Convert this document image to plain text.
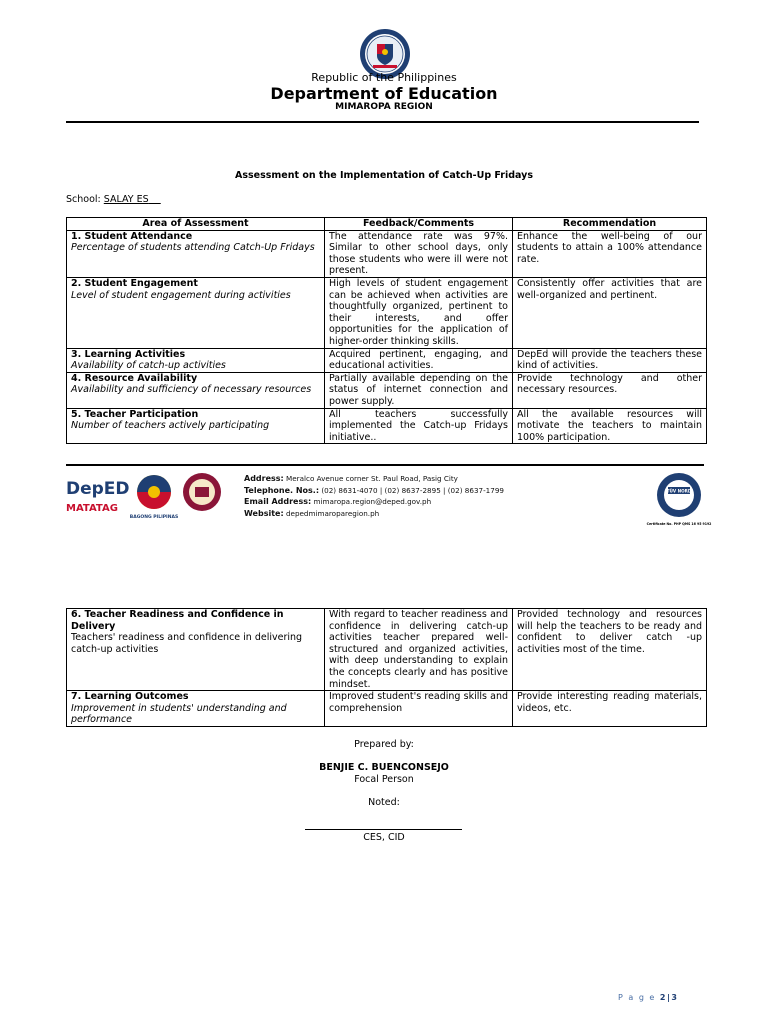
Republic of the Philippines
Department of Education
MIMAROPA REGION
Assessment on the Implementation of Catch-Up Fridays
School: SALAY ES
Area of Assessment	Feedback/Comments	Recommendation

1. Student Attendance
Percentage of students attending Catch-Up Fridays	The attendance rate was 97%. Similar to other school days, only those students who were ill were not present.	Enhance the well-being of our students to attain a 100% attendance rate.

2. Student Engagement
Level of student engagement during activities	High levels of student engagement can be achieved when activities are thoughtfully organized, pertinent to their interests, and offer opportunities for the application of higher-order thinking skills.	Consistently offer activities that are well-organized and pertinent.

3. Learning Activities
Availability of catch-up activities	Acquired pertinent, engaging, and educational activities.	DepEd will provide the teachers these kind of activities.

4. Resource Availability
Availability and sufficiency of necessary resources	Partially available depending on the status of internet connection and power supply.	Provide technology and other necessary resources.

5. Teacher Participation
Number of teachers actively participating	All teachers successfully implemented the Catch-up Fridays initiative..	All the available resources will motivate the teachers to maintain 100% participation.
DepED
MATATAG
BAGONG PILIPINAS
Address: Meralco Avenue corner St. Paul Road, Pasig City
Telephone. Nos.: (02) 8631-4070 | (02) 8637-2895 | (02) 8637-1799
Email Address: mimaropa.region@deped.gov.ph
Website: depedmimaroparegion.ph
TÜV NORD
Certificate No. PHP QMS 16 95 9192
6. Teacher Readiness and Confidence in Delivery
Teachers' readiness and confidence in delivering catch-up activities	With regard to teacher readiness and confidence in delivering catch-up activities teacher prepared well-structured and organized activities, with deep understanding to explain the concepts clearly and has positive mindset.	Provided technology and resources will help the teachers to be ready and confident to deliver catch -up activities most of the time.

7. Learning Outcomes
Improvement in students' understanding and performance	Improved student's reading skills and comprehension	Provide interesting reading materials, videos, etc.
Prepared by:
BENJIE C. BUENCONSEJO
Focal Person
Noted:
CES, CID
P a g e 2|3
